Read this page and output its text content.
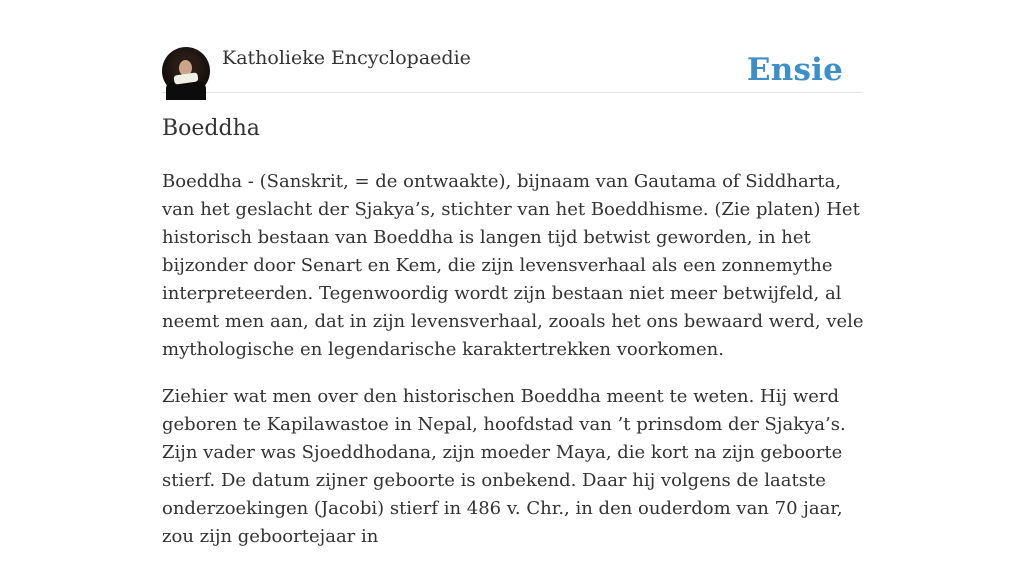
Katholieke Encyclopaedie	Ensie
Boeddha

Boeddha - (Sanskrit, = de ontwaakte), bijnaam van Gautama of Siddharta, van het geslacht der Sjakya’s, stichter van het Boeddhisme. (Zie platen) Het historisch bestaan van Boeddha is langen tijd betwist geworden, in het bijzonder door Senart en Kem, die zijn levensverhaal als een zonnemythe interpreteerden. Tegenwoordig wordt zijn bestaan niet meer betwijfeld, al neemt men aan, dat in zijn levensverhaal, zooals het ons bewaard werd, vele mythologische en legendarische karaktertrekken voorkomen.

Ziehier wat men over den historischen Boeddha meent te weten. Hij werd geboren te Kapilawastoe in Nepal, hoofdstad van ’t prinsdom der Sjakya’s. Zijn vader was Sjoeddhodana, zijn moeder Maya, die kort na zijn geboorte stierf. De datum zijner geboorte is onbekend. Daar hij volgens de laatste onderzoekingen (Jacobi) stierf in 486 v. Chr., in den ouderdom van 70 jaar, zou zijn geboortejaar in
